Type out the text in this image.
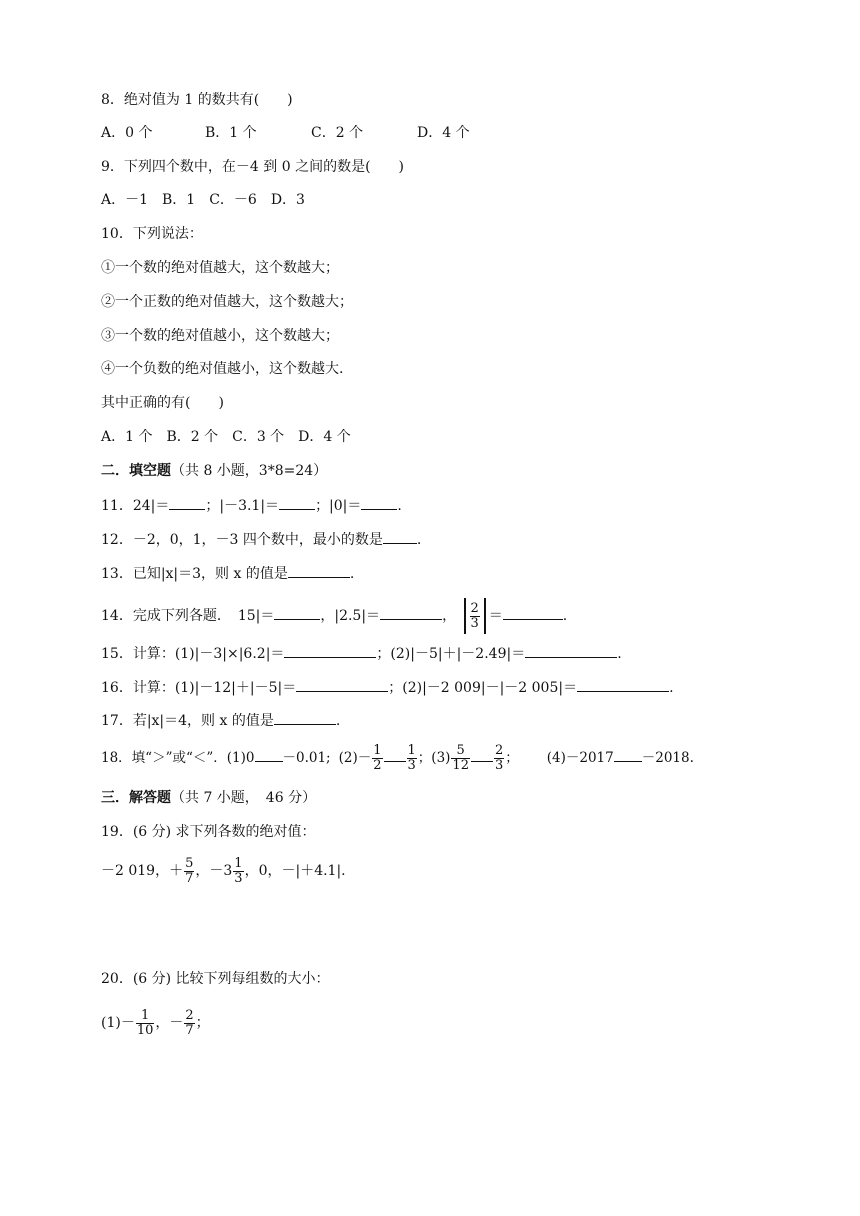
8．绝对值为 1 的数共有(　　)
A．0 个	B．1 个	C．2 个	D．4 个
9．下列四个数中，在－4 到 0 之间的数是(　　)
A．－1　B．1　C．－6　D．3
10．下列说法：
①一个数的绝对值越大，这个数越大；
②一个正数的绝对值越大，这个数越大；
③一个数的绝对值越小，这个数越大；
④一个负数的绝对值越小，这个数越大.
其中正确的有(　　)
A．1 个　B．2 个　C．3 个　D．4 个
二．填空题（共 8 小题，3*8=24）
11．24|＝	；|－3.1|＝	；|0|＝	.
12．－2，0，1，－3 四个数中，最小的数是 .
13．已知|x|＝3，则 x 的值是	.
14．完成下列各题．　15|＝	，|2.5|＝	， $\frac{2}{3}$ ＝	.
15．计算：(1)|－3|×|6.2|＝	；(2)|－5|＋|－2.49|＝	.
16．计算：(1)|－12|＋|－5|＝	；(2)|－2 009|－|－2 005|＝	.
17．若|x|＝4，则 x 的值是	.
18．填“＞”或“＜”．(1)0 －0.01; $(2)- \frac{1}{2} \frac{1}{3}$ ；$(3) \frac{5}{12} \frac{2}{3}$ ； (4)－2017 －2018.
三．解答题（共 7 小题，　46 分）
19．(6 分) 求下列各数的绝对值：
－2 019，＋ $\frac{5}{7}$ ，$-3 \frac{1}{3}$ ，0，－|＋4.1|.
20．(6 分) 比较下列每组数的大小：
$(1)- \frac{1}{10}$ ，－ $\frac{2}{7}$ ；
